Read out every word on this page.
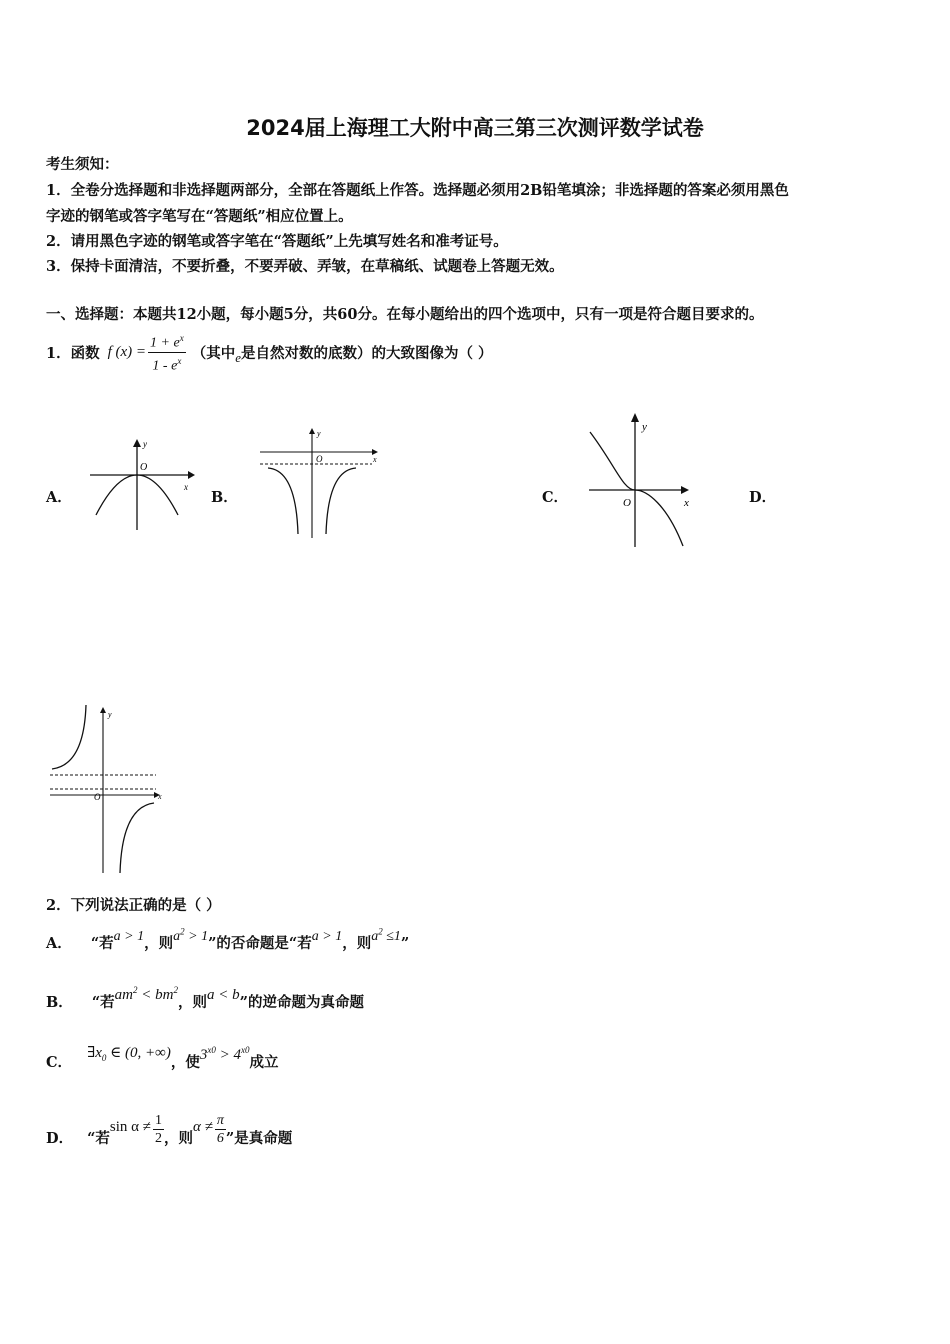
2024届上海理工大附中高三第三次测评数学试卷
考生须知：
1．全卷分选择题和非选择题两部分，全部在答题纸上作答。选择题必须用2B铅笔填涂；非选择题的答案必须用黑色
字迹的钢笔或答字笔写在“答题纸”相应位置上。
2．请用黑色字迹的钢笔或答字笔在“答题纸”上先填写姓名和准考证号。
3．保持卡面清洁，不要折叠，不要弄破、弄皱，在草稿纸、试题卷上答题无效。
一、选择题：本题共12小题，每小题5分，共60分。在每小题给出的四个选项中，只有一项是符合题目要求的。
1．函数 f $(x) = \frac{1 + e^x}{1 - e^x}$ （其中 e 是自然对数的底数）的大致图像为（ ）
A．	B．	C．	D．
y
x
O
y
x
O
y
x
O
y
x
O
2．下列说法正确的是（ ）
A． “若a > 1，则$a^2 > 1$”的否命题是“若a > 1，则$a^2 \le 1$”
B． “若$am^2 < bm^2$，则a < b”的逆命题为真命题
C． $\exists x_0$ ∈ (0, +∞)，使$3^{x0} > 4^{x0}$成立
D． “若
$\sin \alpha \ne \frac{1}{2}$ ，则
$\alpha \ne \frac{\pi}{6}$ ”是真命题
